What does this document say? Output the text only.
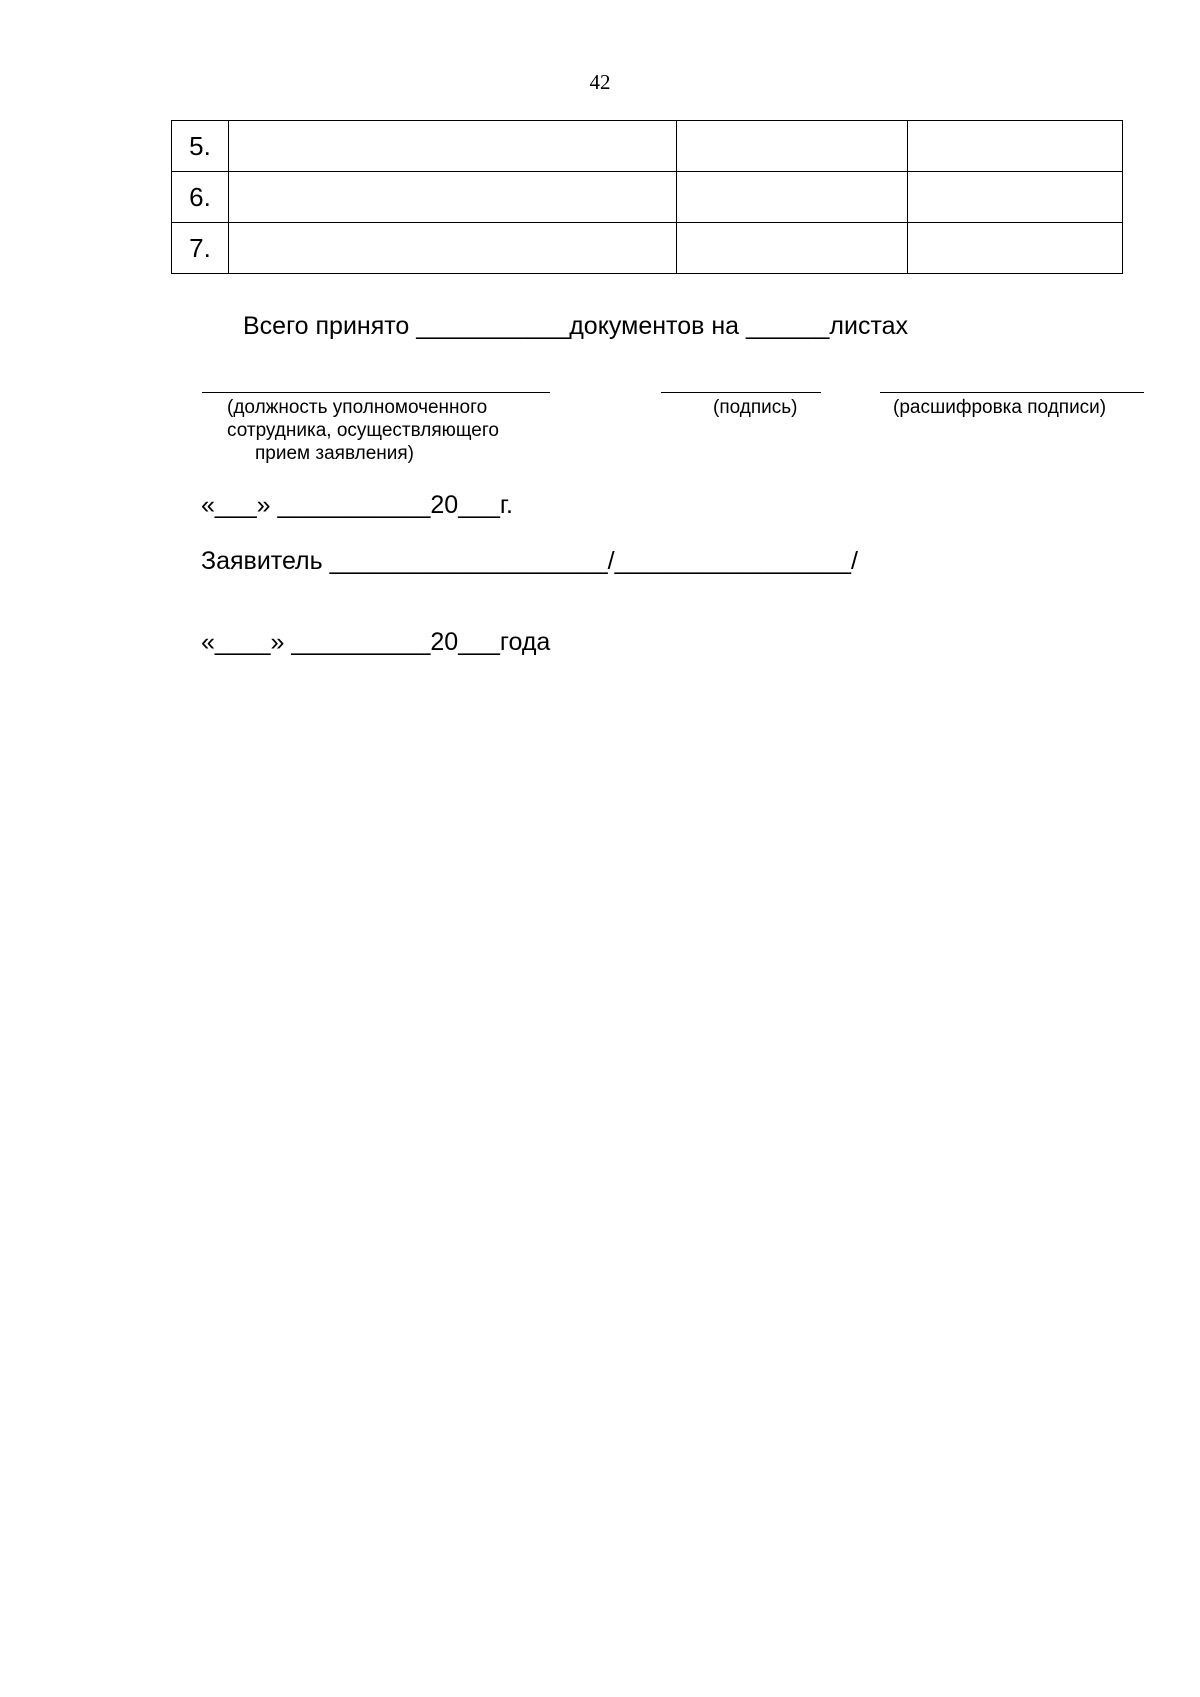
42
5.			
6.			
7.			
Всего принято ___________документов на ______листах
(должность уполномоченного
сотрудника, осуществляющего
прием заявления)
(подпись)	(расшифровка подписи)
«___» ___________20___г.
Заявитель ____________________/_________________/
«____» __________20___года
